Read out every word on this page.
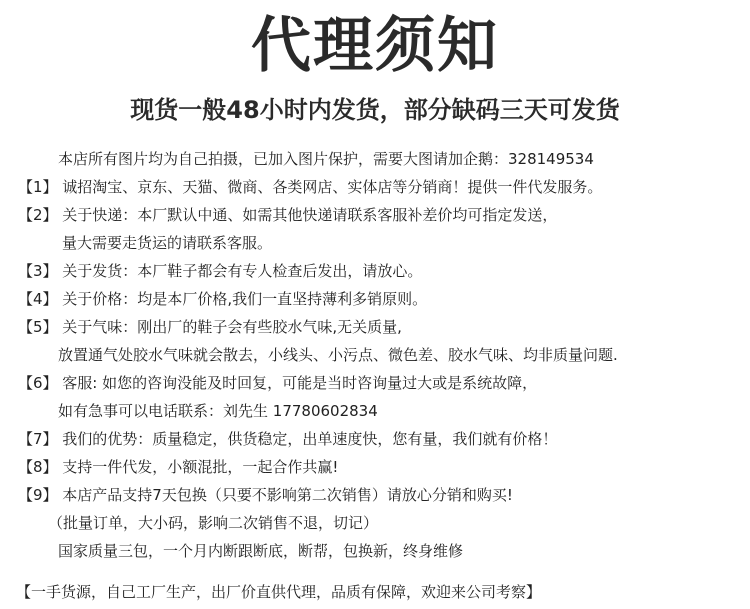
代理须知
现货一般48小时内发货，部分缺码三天可发货
本店所有图片均为自己拍摄，已加入图片保护，需要大图请加企鹅：328149534
【1】 诚招淘宝、京东、天猫、微商、各类网店、实体店等分销商！提供一件代发服务。
【2】 关于快递：本厂默认中通、如需其他快递请联系客服补差价均可指定发送，
量大需要走货运的请联系客服。
【3】 关于发货：本厂鞋子都会有专人检查后发出，请放心。
【4】 关于价格：均是本厂价格,我们一直坚持薄利多销原则。
【5】 关于气味：刚出厂的鞋子会有些胶水气味,无关质量,
放置通气处胶水气味就会散去，小线头、小污点、微色差、胶水气味、均非质量问题.
【6】 客服: 如您的咨询没能及时回复，可能是当时咨询量过大或是系统故障，
如有急事可以电话联系：刘先生 17780602834
【7】 我们的优势：质量稳定，供货稳定，出单速度快，您有量，我们就有价格！
【8】 支持一件代发，小额混批，一起合作共赢!
【9】 本店产品支持7天包换（只要不影响第二次销售）请放心分销和购买!
（批量订单，大小码，影响二次销售不退，切记）
国家质量三包，一个月内断跟断底，断帮，包换新，终身维修
【一手货源，自己工厂生产，出厂价直供代理，品质有保障，欢迎来公司考察】
